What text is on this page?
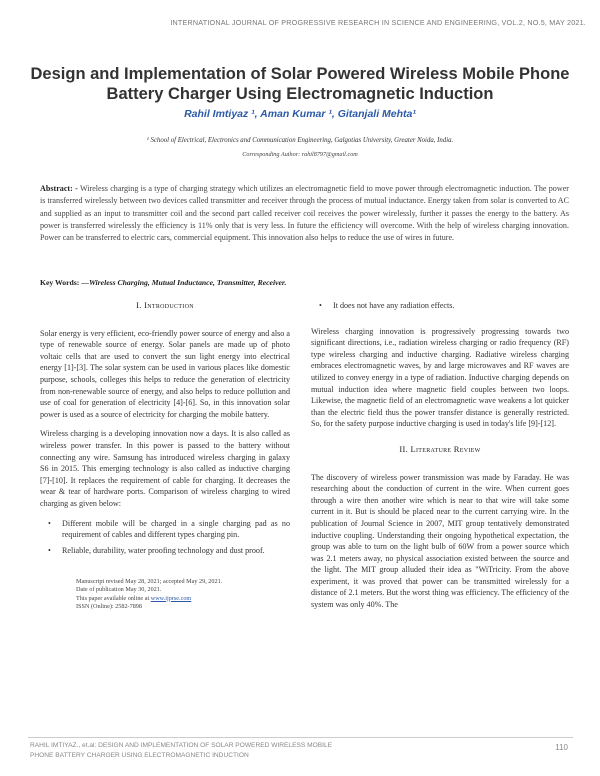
INTERNATIONAL JOURNAL OF PROGRESSIVE RESEARCH IN SCIENCE AND ENGINEERING, VOL.2, NO.5, MAY 2021.
Design and Implementation of Solar Powered Wireless Mobile Phone Battery Charger Using Electromagnetic Induction
Rahil Imtiyaz ¹, Aman Kumar ¹, Gitanjali Mehta¹
¹ School of Electrical, Electronics and Communication Engineering, Galgotias University, Greater Noida, India.
Corresponding Author: rahil8797@gmail.com

Abstract: - Wireless charging is a type of charging strategy which utilizes an electromagnetic field to move power through electromagnetic induction. The power is transferred wirelessly between two devices called transmitter and receiver through the process of mutual inductance. Energy taken from solar is converted to AC and supplied as an input to transmitter coil and the second part called receiver coil receives the power wirelessly, further it passes the energy to the battery. As power is transferred wirelessly the efficiency is 11% only that is very less. In future the efficiency will overcome. With the help of wireless charging innovation. Power can be transferred to electric cars, commercial equipment. This innovation also helps to reduce the use of wires in future.

Key Words: —Wireless Charging, Mutual Inductance, Transmitter, Receiver.

I. Introduction

Solar energy is very efficient, eco-friendly power source of energy and also a type of renewable source of energy. Solar panels are made up of photo voltaic cells that are used to convert the sun light energy into electrical energy [1]-[3]. The solar system can be used in various places like domestic purpose, schools, colleges this helps to reduce the generation of electricity from non-renewable source of energy, and also helps to reduce pollution and use of coal for generation of electricity [4]-[6]. So, in this innovation solar power is used as a source of electricity for charging the mobile battery.

Wireless charging is a developing innovation now a days. It is also called as wireless power transfer. In this power is passed to the battery without connecting any wire. Samsung has introduced wireless charging in galaxy S6 in 2015. This emerging technology is also called as inductive charging [7]-[10]. It replaces the requirement of cable for charging. It decreases the wear & tear of hardware ports. Comparison of wireless charging to wired charging as given below:

• Different mobile will be charged in a single charging pad as no requirement of cables and different types charging pin.
• Reliable, durability, water proofing technology and dust proof.
Manuscript revised May 28, 2021; accepted May 29, 2021.
Date of publication May 30, 2021.
This paper available online at www.ijprse.com
ISSN (Online): 2582-7898
• It does not have any radiation effects.

Wireless charging innovation is progressively progressing towards two significant directions, i.e., radiation wireless charging or radio frequency (RF) type wireless charging and inductive charging. Radiative wireless charging embraces electromagnetic waves, by and large microwaves and RF waves are utilized to convey energy in a type of radiation. Inductive charging depends on mutual induction idea where magnetic field couples between two loops. Likewise, the magnetic field of an electromagnetic wave weakens a lot quicker than the electric field thus the power transfer distance is generally restricted. So, for the safety purpose inductive charging is used in today's life [9]-[12].

II. Literature Review

The discovery of wireless power transmission was made by Faraday. He was researching about the conduction of current in the wire. When current goes through a wire then another wire which is near to that wire will take some current in it. But is should be placed near to the current carrying wire. In the publication of Journal Science in 2007, MIT group tentatively demonstrated inductive coupling. Understanding their ongoing hypothetical expectation, the group was able to turn on the light bulb of 60W from a power source which was 2.1 meters away, no physical association existed between the source and the light. The MIT group alluded their idea as "WiTricity. From the above experiment, it was proved that power can be transmitted wirelessly for a distance of 2.1 meters. But the worst thing was efficiency. The efficiency of the system was only 40%. The

RAHIL IMTIYAZ., et.al: DESIGN AND IMPLEMENTATION OF SOLAR POWERED WIRELESS MOBILE
PHONE BATTERY CHARGER USING ELECTROMAGNETIC INDUCTION
110
